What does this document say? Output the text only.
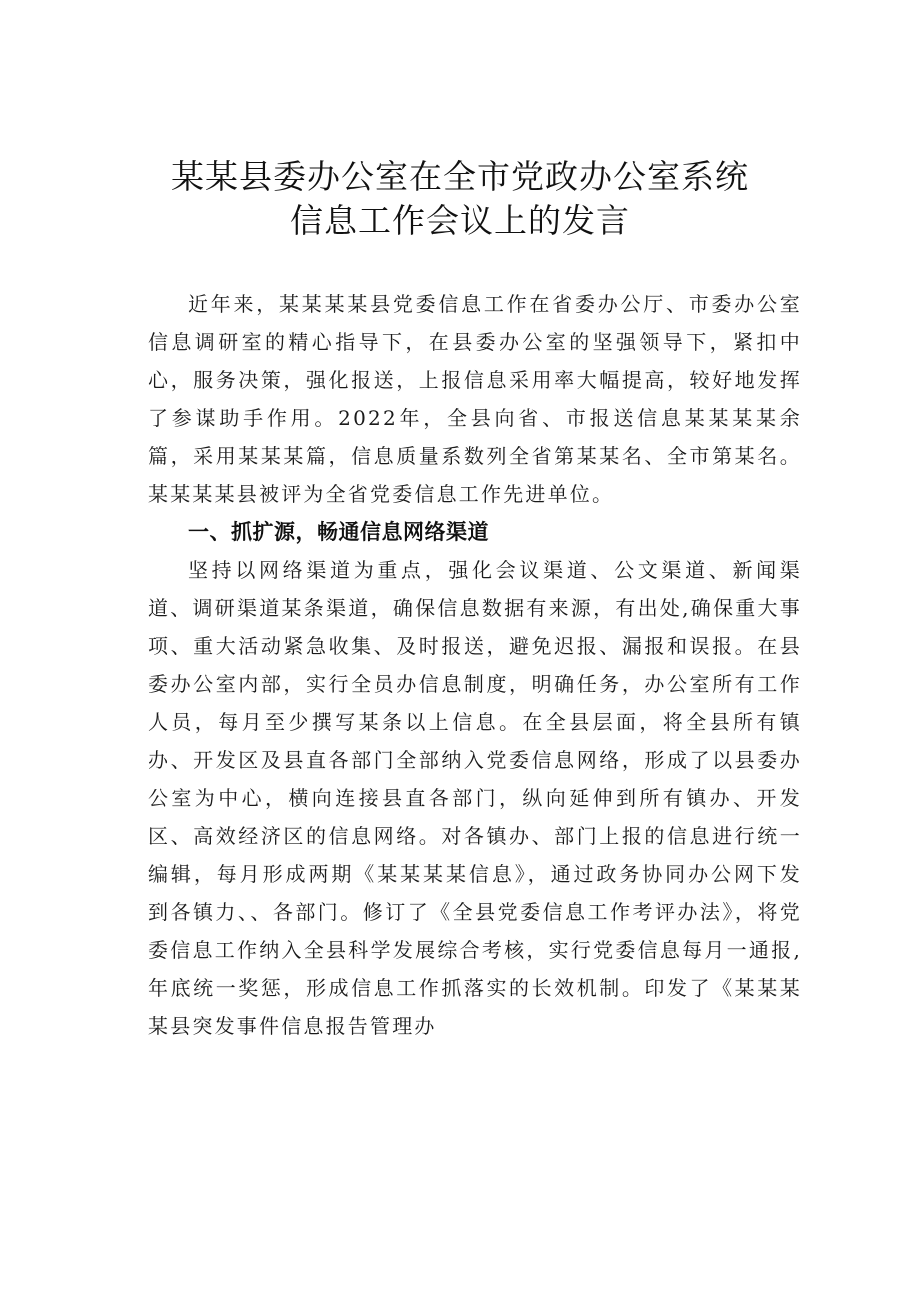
某某县委办公室在全市党政办公室系统
信息工作会议上的发言

近年来，某某某某县党委信息工作在省委办公厅、市委办公室信息调研室的精心指导下，在县委办公室的坚强领导下，紧扣中心，服务决策，强化报送，上报信息采用率大幅提高，较好地发挥了参谋助手作用。2022年，全县向省、市报送信息某某某某余篇，采用某某某篇，信息质量系数列全省第某某名、全市第某名。某某某某县被评为全省党委信息工作先进单位。

一、抓扩源，畅通信息网络渠道

坚持以网络渠道为重点，强化会议渠道、公文渠道、新闻渠道、调研渠道某条渠道，确保信息数据有来源，有出处,确保重大事项、重大活动紧急收集、及时报送，避免迟报、漏报和误报。在县委办公室内部，实行全员办信息制度，明确任务，办公室所有工作人员，每月至少撰写某条以上信息。在全县层面，将全县所有镇办、开发区及县直各部门全部纳入党委信息网络，形成了以县委办公室为中心，横向连接县直各部门，纵向延伸到所有镇办、开发区、高效经济区的信息网络。对各镇办、部门上报的信息进行统一编辑，每月形成两期《某某某某信息》，通过政务协同办公网下发到各镇力、、各部门。修订了《全县党委信息工作考评办法》，将党委信息工作纳入全县科学发展综合考核，实行党委信息每月一通报,年底统一奖惩，形成信息工作抓落实的长效机制。印发了《某某某某县突发事件信息报告管理办
